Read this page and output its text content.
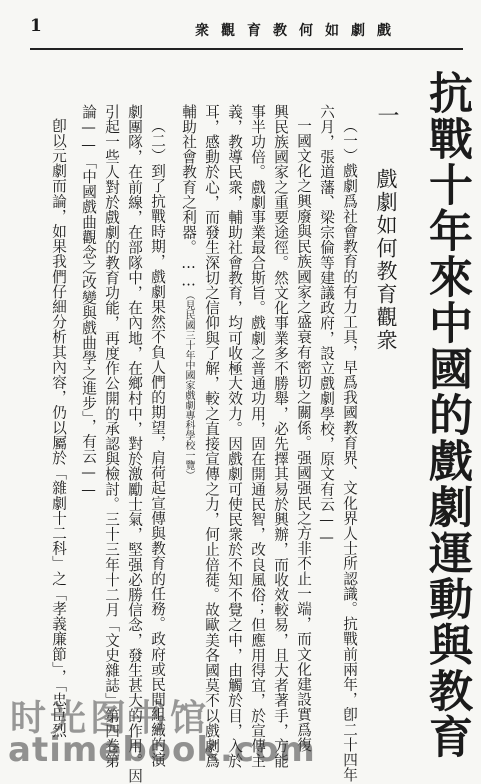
1	戲劇如何教育觀衆
抗戰十年來中國的戲劇運動與教育
一戲劇如何教育觀衆
（一）戲劇爲社會教育的有力工具，早爲我國教育界、文化界人士所認識。抗戰前兩年，卽二十四年
六月，張道藩、梁宗倫等建議政府，設立戲劇學校，原文有云——
一國文化之興廢與民族國家之盛衰有密切之關係。强國强民之方非不止一端，而文化建設實爲復
興民族國家之重要途徑。然文化事業多不勝舉，必先擇其易於興辦，而收效較易，且大者著手，方能
事半功倍。戲劇事業最合斯旨。戲劇之普通功用，固在開通民智，改良風俗；但應用得宜，於宣傳主
義，教導民衆，輔助社會教育，均可收極大效力。因戲劇可使民衆於不知不覺之中，由觸於目，入於
耳，感動於心，而發生深切之信仰與了解，較之直接宣傳之力，何止倍蓰。故歐美各國莫不以戲劇爲
輔助社會教育之利器。……（見民國三十年中國家戲劇專科學校一覽）
（二）到了抗戰時期，戲劇果然不負人們的期望，肩荷起宣傳與教育的任務。政府或民間組織的演
劇團隊，在前線，在部隊中，在內地，在鄉村中，對於激勵士氣，堅强必勝信念，發生甚大的作用。因
引起一些人對於戲劇的教育功能，再度作公開的承認與檢討。三十三年十二月「文史雜誌」第四卷第
論——「中國戲曲觀念之改變與戲曲學之進步」，有云——
卽以元劇而論，如果我們仔細分析其內容，仍以屬於「雜劇十二科」之「孝義廉節」，「忠臣烈
时光图书馆
atimebook.com
